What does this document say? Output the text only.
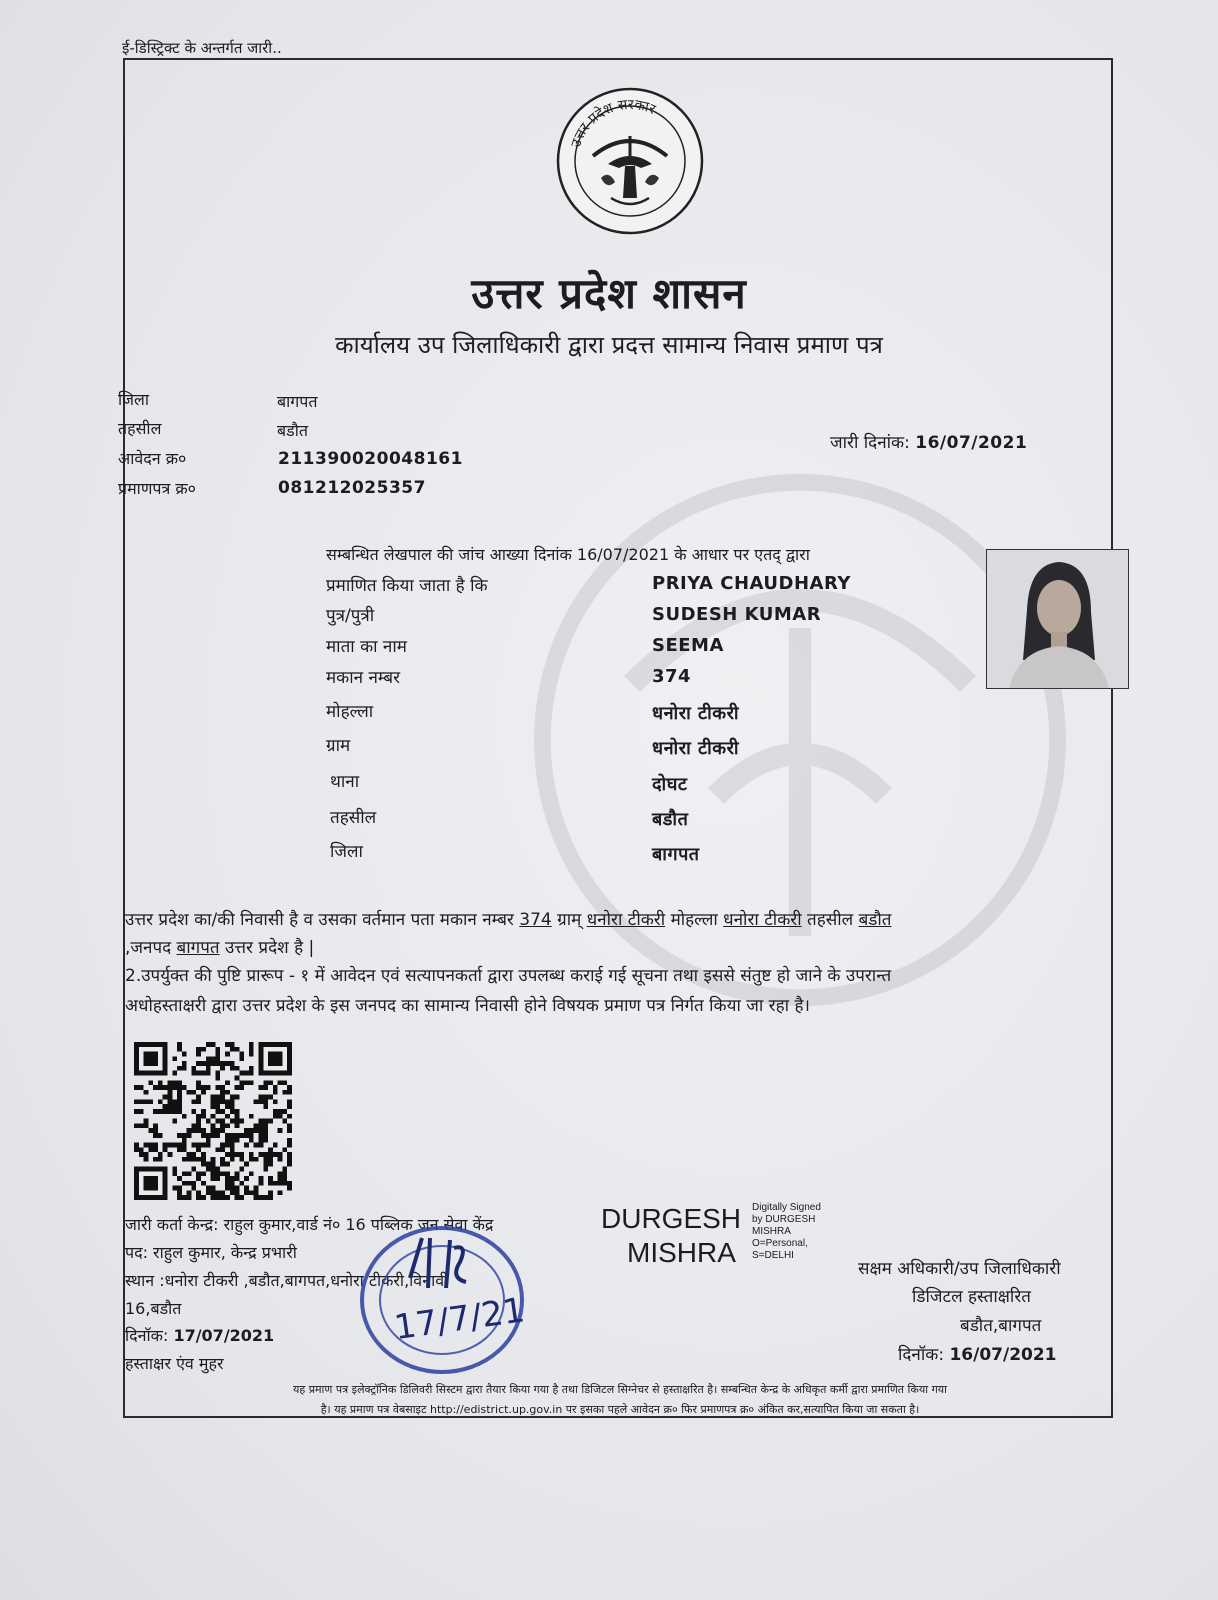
ई-डिस्ट्रिक्ट के अन्तर्गत जारी..
उत्तर प्रदेश सरकार
उत्तर प्रदेश शासन
कार्यालय उप जिलाधिकारी द्वारा प्रदत्त सामान्य निवास प्रमाण पत्र
जिला	बागपत
तहसील	बडौत
आवेदन क्र०	211390020048161
प्रमाणपत्र क्र०	081212025357
जारी दिनांक: 16/07/2021
सम्बन्धित लेखपाल की जांच आख्या दिनांक 16/07/2021 के आधार पर एतद् द्वारा
प्रमाणित किया जाता है कि	PRIYA CHAUDHARY
पुत्र/पुत्री	SUDESH KUMAR
माता का नाम	SEEMA
मकान नम्बर	374
मोहल्ला	धनोरा टीकरी
ग्राम	धनोरा टीकरी
थाना	दोघट
तहसील	बडौत
जिला	बागपत
उत्तर प्रदेश का/की निवासी है व उसका वर्तमान पता मकान नम्बर 374 ग्राम् धनोरा टीकरी मोहल्ला धनोरा टीकरी तहसील बडौत
,जनपद बागपत उत्तर प्रदेश है |
2.उपर्युक्त की पुष्टि प्रारूप - १ में आवेदन एवं सत्यापनकर्ता द्वारा उपलब्ध कराई गई सूचना तथा इससे संतुष्ट हो जाने के उपरान्त
अधोहस्ताक्षरी द्वारा उत्तर प्रदेश के इस जनपद का सामान्य निवासी होने विषयक प्रमाण पत्र निर्गत किया जा रहा है।
जारी कर्ता केन्द्र: राहुल कुमार,वार्ड नं० 16 पब्लिक जन सेवा केंद्र
पद: राहुल कुमार, केन्द्र प्रभारी
स्थान :धनोरा टीकरी ,बडौत,बागपत,धनोरा टीकरी,विनावी
16,बडौत
दिनॉक: 17/07/2021
हस्ताक्षर एंव मुहर
17/7/21
DURGESH
MISHRA
Digitally Signed
by DURGESH
MISHRA
O=Personal,
S=DELHI
सक्षम अधिकारी/उप जिलाधिकारी
डिजिटल हस्ताक्षरित
बडौत,बागपत
दिनॉक: 16/07/2021
यह प्रमाण पत्र इलेक्ट्रॉनिक डिलिवरी सिस्टम द्वारा तैयार किया गया है तथा डिजिटल सिग्नेचर से हस्ताक्षरित है। सम्बन्धित केन्द्र के अधिकृत कर्मी द्वारा प्रमाणित किया गया
है। यह प्रमाण पत्र वेबसाइट http://edistrict.up.gov.in पर इसका पहले आवेदन क्र० फिर प्रमाणपत्र क्र० अंकित कर,सत्यापित किया जा सकता है।
